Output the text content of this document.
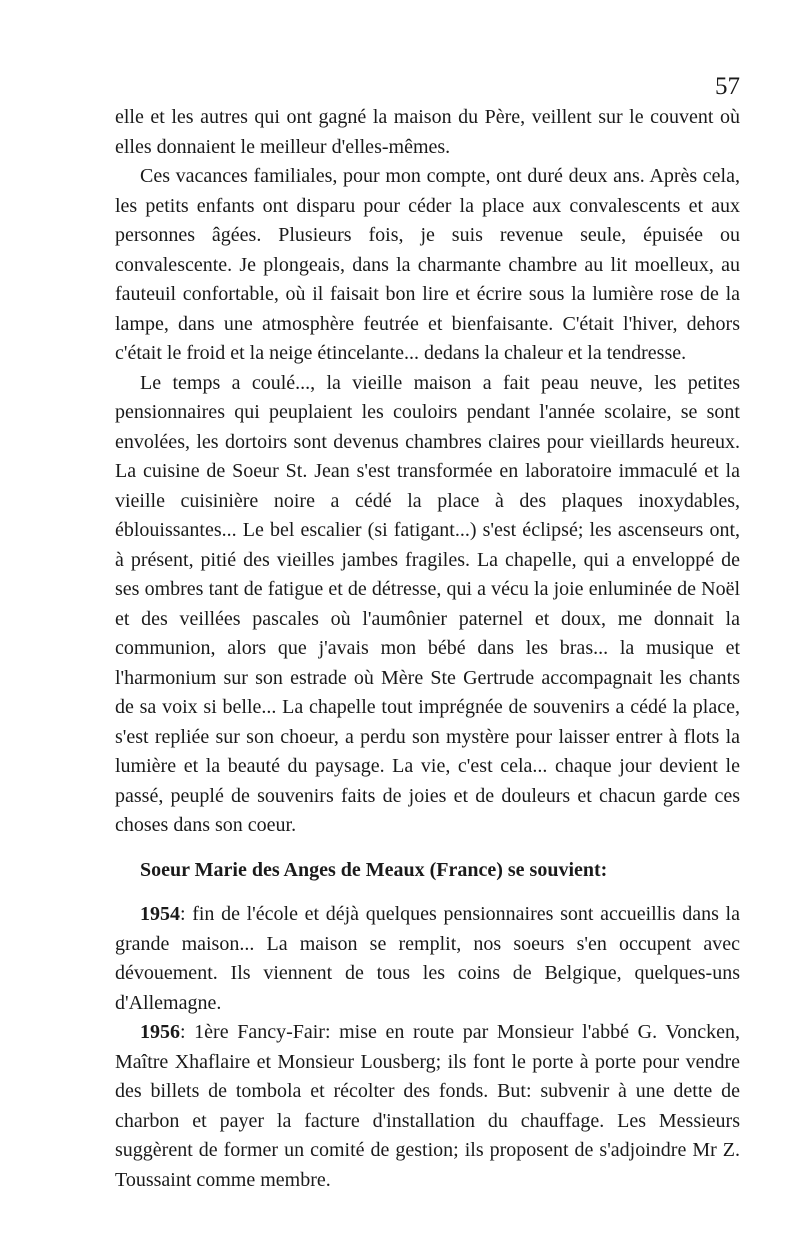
57

elle et les autres qui ont gagné la maison du Père, veillent sur le couvent où elles donnaient le meilleur d'elles-mêmes.

Ces vacances familiales, pour mon compte, ont duré deux ans. Après cela, les petits enfants ont disparu pour céder la place aux convalescents et aux personnes âgées. Plusieurs fois, je suis revenue seule, épuisée ou convalescente. Je plongeais, dans la charmante chambre au lit moelleux, au fauteuil confortable, où il faisait bon lire et écrire sous la lumière rose de la lampe, dans une atmosphère feutrée et bienfaisante. C'était l'hiver, dehors c'était le froid et la neige étincelante... dedans la chaleur et la tendresse.

Le temps a coulé..., la vieille maison a fait peau neuve, les petites pensionnaires qui peuplaient les couloirs pendant l'année scolaire, se sont envolées, les dortoirs sont devenus chambres claires pour vieillards heureux. La cuisine de Soeur St. Jean s'est transformée en laboratoire immaculé et la vieille cuisinière noire a cédé la place à des plaques inoxydables, éblouissantes... Le bel escalier (si fatigant...) s'est éclipsé; les ascenseurs ont, à présent, pitié des vieilles jambes fragiles. La chapelle, qui a enveloppé de ses ombres tant de fatigue et de détresse, qui a vécu la joie enluminée de Noël et des veillées pascales où l'aumônier paternel et doux, me donnait la communion, alors que j'avais mon bébé dans les bras... la musique et l'harmonium sur son estrade où Mère Ste Gertrude accompagnait les chants de sa voix si belle... La chapelle tout imprégnée de souvenirs a cédé la place, s'est repliée sur son choeur, a perdu son mystère pour laisser entrer à flots la lumière et la beauté du paysage. La vie, c'est cela... chaque jour devient le passé, peuplé de souvenirs faits de joies et de douleurs et chacun garde ces choses dans son coeur.

Soeur Marie des Anges de Meaux (France) se souvient:

1954: fin de l'école et déjà quelques pensionnaires sont accueillis dans la grande maison... La maison se remplit, nos soeurs s'en occupent avec dévouement. Ils viennent de tous les coins de Belgique, quelques-uns d'Allemagne.

1956: 1ère Fancy-Fair: mise en route par Monsieur l'abbé G. Voncken, Maître Xhaflaire et Monsieur Lousberg; ils font le porte à porte pour vendre des billets de tombola et récolter des fonds. But: subvenir à une dette de charbon et payer la facture d'installation du chauffage. Les Messieurs suggèrent de former un comité de gestion; ils proposent de s'adjoindre Mr Z. Toussaint comme membre.
